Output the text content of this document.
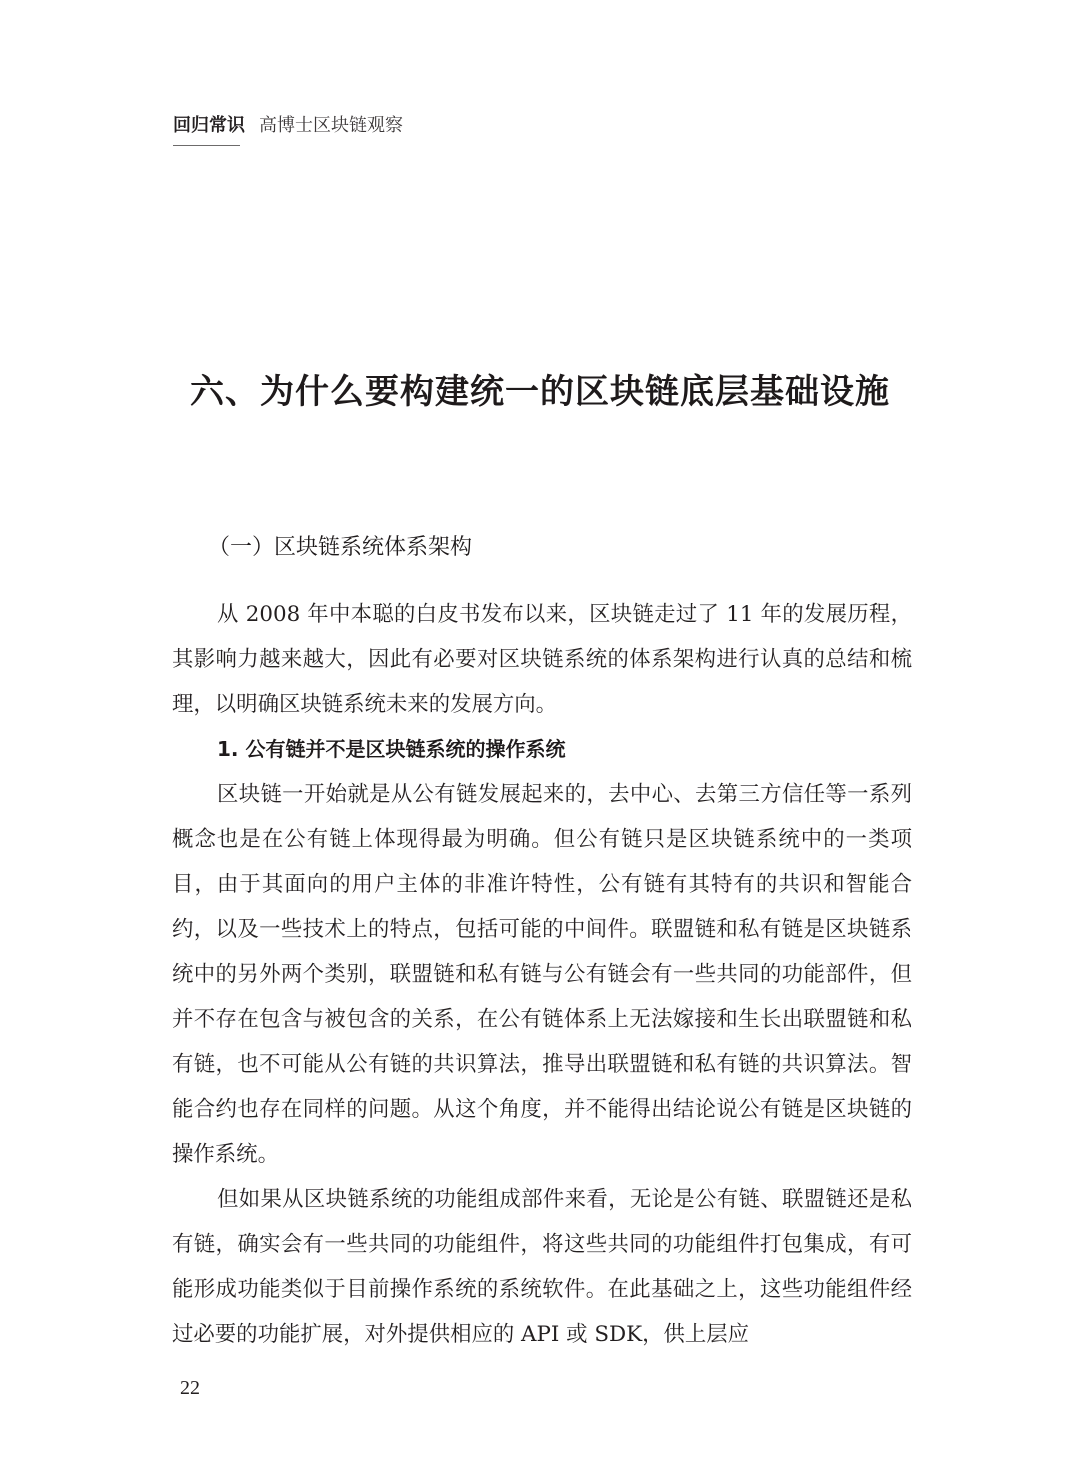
回归常识 高博士区块链观察
六、为什么要构建统一的区块链底层基础设施
（一）区块链系统体系架构

从 2008 年中本聪的白皮书发布以来，区块链走过了 11 年的发展历程，其影响力越来越大，因此有必要对区块链系统的体系架构进行认真的总结和梳理，以明确区块链系统未来的发展方向。

1. 公有链并不是区块链系统的操作系统

区块链一开始就是从公有链发展起来的，去中心、去第三方信任等一系列概念也是在公有链上体现得最为明确。但公有链只是区块链系统中的一类项目，由于其面向的用户主体的非准许特性，公有链有其特有的共识和智能合约，以及一些技术上的特点，包括可能的中间件。联盟链和私有链是区块链系统中的另外两个类别，联盟链和私有链与公有链会有一些共同的功能部件，但并不存在包含与被包含的关系，在公有链体系上无法嫁接和生长出联盟链和私有链，也不可能从公有链的共识算法，推导出联盟链和私有链的共识算法。智能合约也存在同样的问题。从这个角度，并不能得出结论说公有链是区块链的操作系统。

但如果从区块链系统的功能组成部件来看，无论是公有链、联盟链还是私有链，确实会有一些共同的功能组件，将这些共同的功能组件打包集成，有可能形成功能类似于目前操作系统的系统软件。在此基础之上，这些功能组件经过必要的功能扩展，对外提供相应的 API 或 SDK，供上层应

22
